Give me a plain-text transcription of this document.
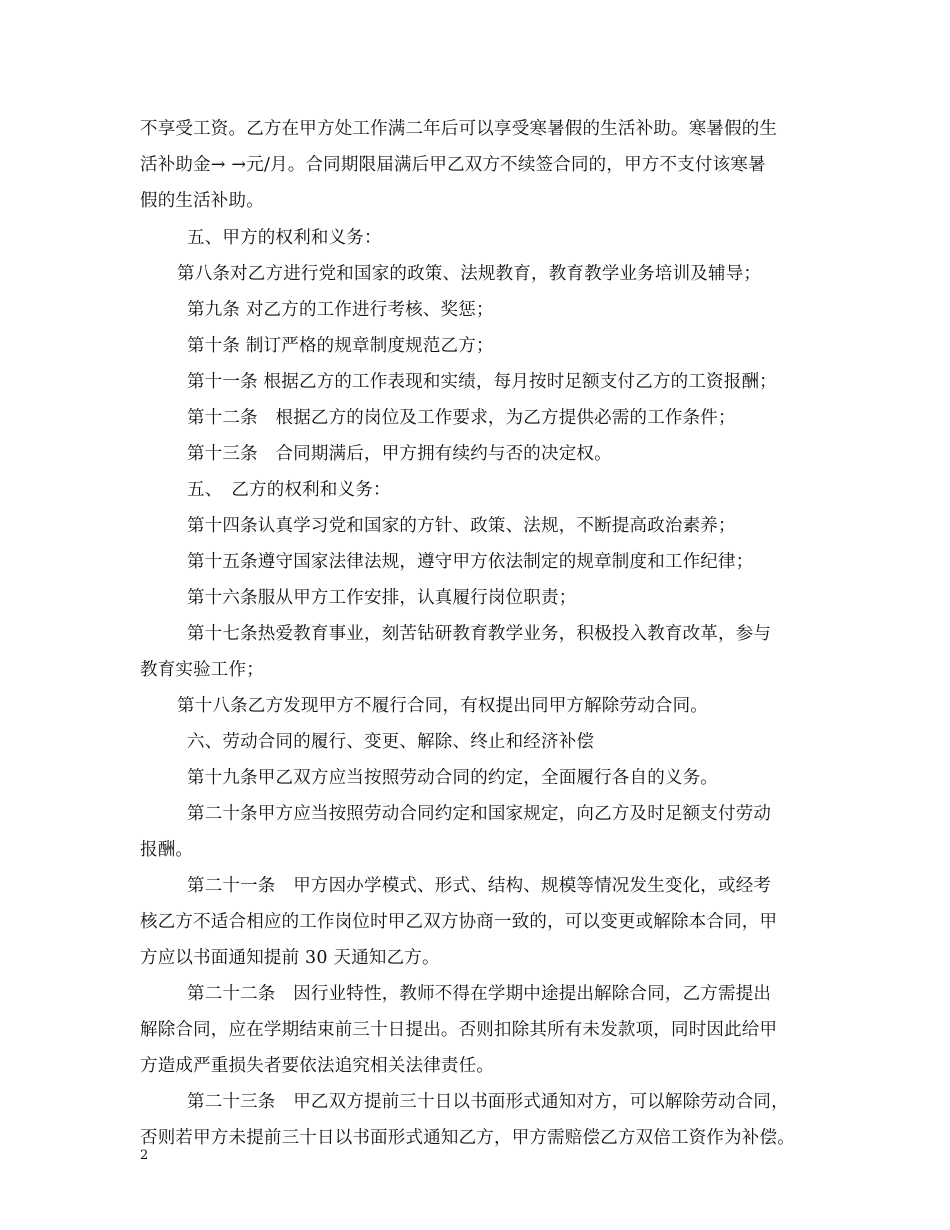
不享受工资。乙方在甲方处工作满二年后可以享受寒暑假的生活补助。寒暑假的生
活补助金→ →元/月。合同期限届满后甲乙双方不续签合同的，甲方不支付该寒暑
假的生活补助。
五、甲方的权利和义务：
第八条对乙方进行党和国家的政策、法规教育，教育教学业务培训及辅导；
第九条 对乙方的工作进行考核、奖惩；
第十条 制订严格的规章制度规范乙方；
第十一条 根据乙方的工作表现和实绩，每月按时足额支付乙方的工资报酬；
第十二条　根据乙方的岗位及工作要求，为乙方提供必需的工作条件；
第十三条　合同期满后，甲方拥有续约与否的决定权。
五、　乙方的权利和义务：
第十四条认真学习党和国家的方针、政策、法规，不断提高政治素养；
第十五条遵守国家法律法规，遵守甲方依法制定的规章制度和工作纪律；
第十六条服从甲方工作安排，认真履行岗位职责；
第十七条热爱教育事业，刻苦钻研教育教学业务，积极投入教育改革，参与
教育实验工作；
第十八条乙方发现甲方不履行合同，有权提出同甲方解除劳动合同。
六、劳动合同的履行、变更、解除、终止和经济补偿
第十九条甲乙双方应当按照劳动合同的约定，全面履行各自的义务。
第二十条甲方应当按照劳动合同约定和国家规定，向乙方及时足额支付劳动
报酬。
第二十一条　甲方因办学模式、形式、结构、规模等情况发生变化，或经考
核乙方不适合相应的工作岗位时甲乙双方协商一致的，可以变更或解除本合同，甲
方应以书面通知提前 30 天通知乙方。
第二十二条　因行业特性，教师不得在学期中途提出解除合同，乙方需提出
解除合同，应在学期结束前三十日提出。否则扣除其所有未发款项，同时因此给甲
方造成严重损失者要依法追究相关法律责任。
第二十三条　甲乙双方提前三十日以书面形式通知对方，可以解除劳动合同，
否则若甲方未提前三十日以书面形式通知乙方，甲方需赔偿乙方双倍工资作为补偿。
2
